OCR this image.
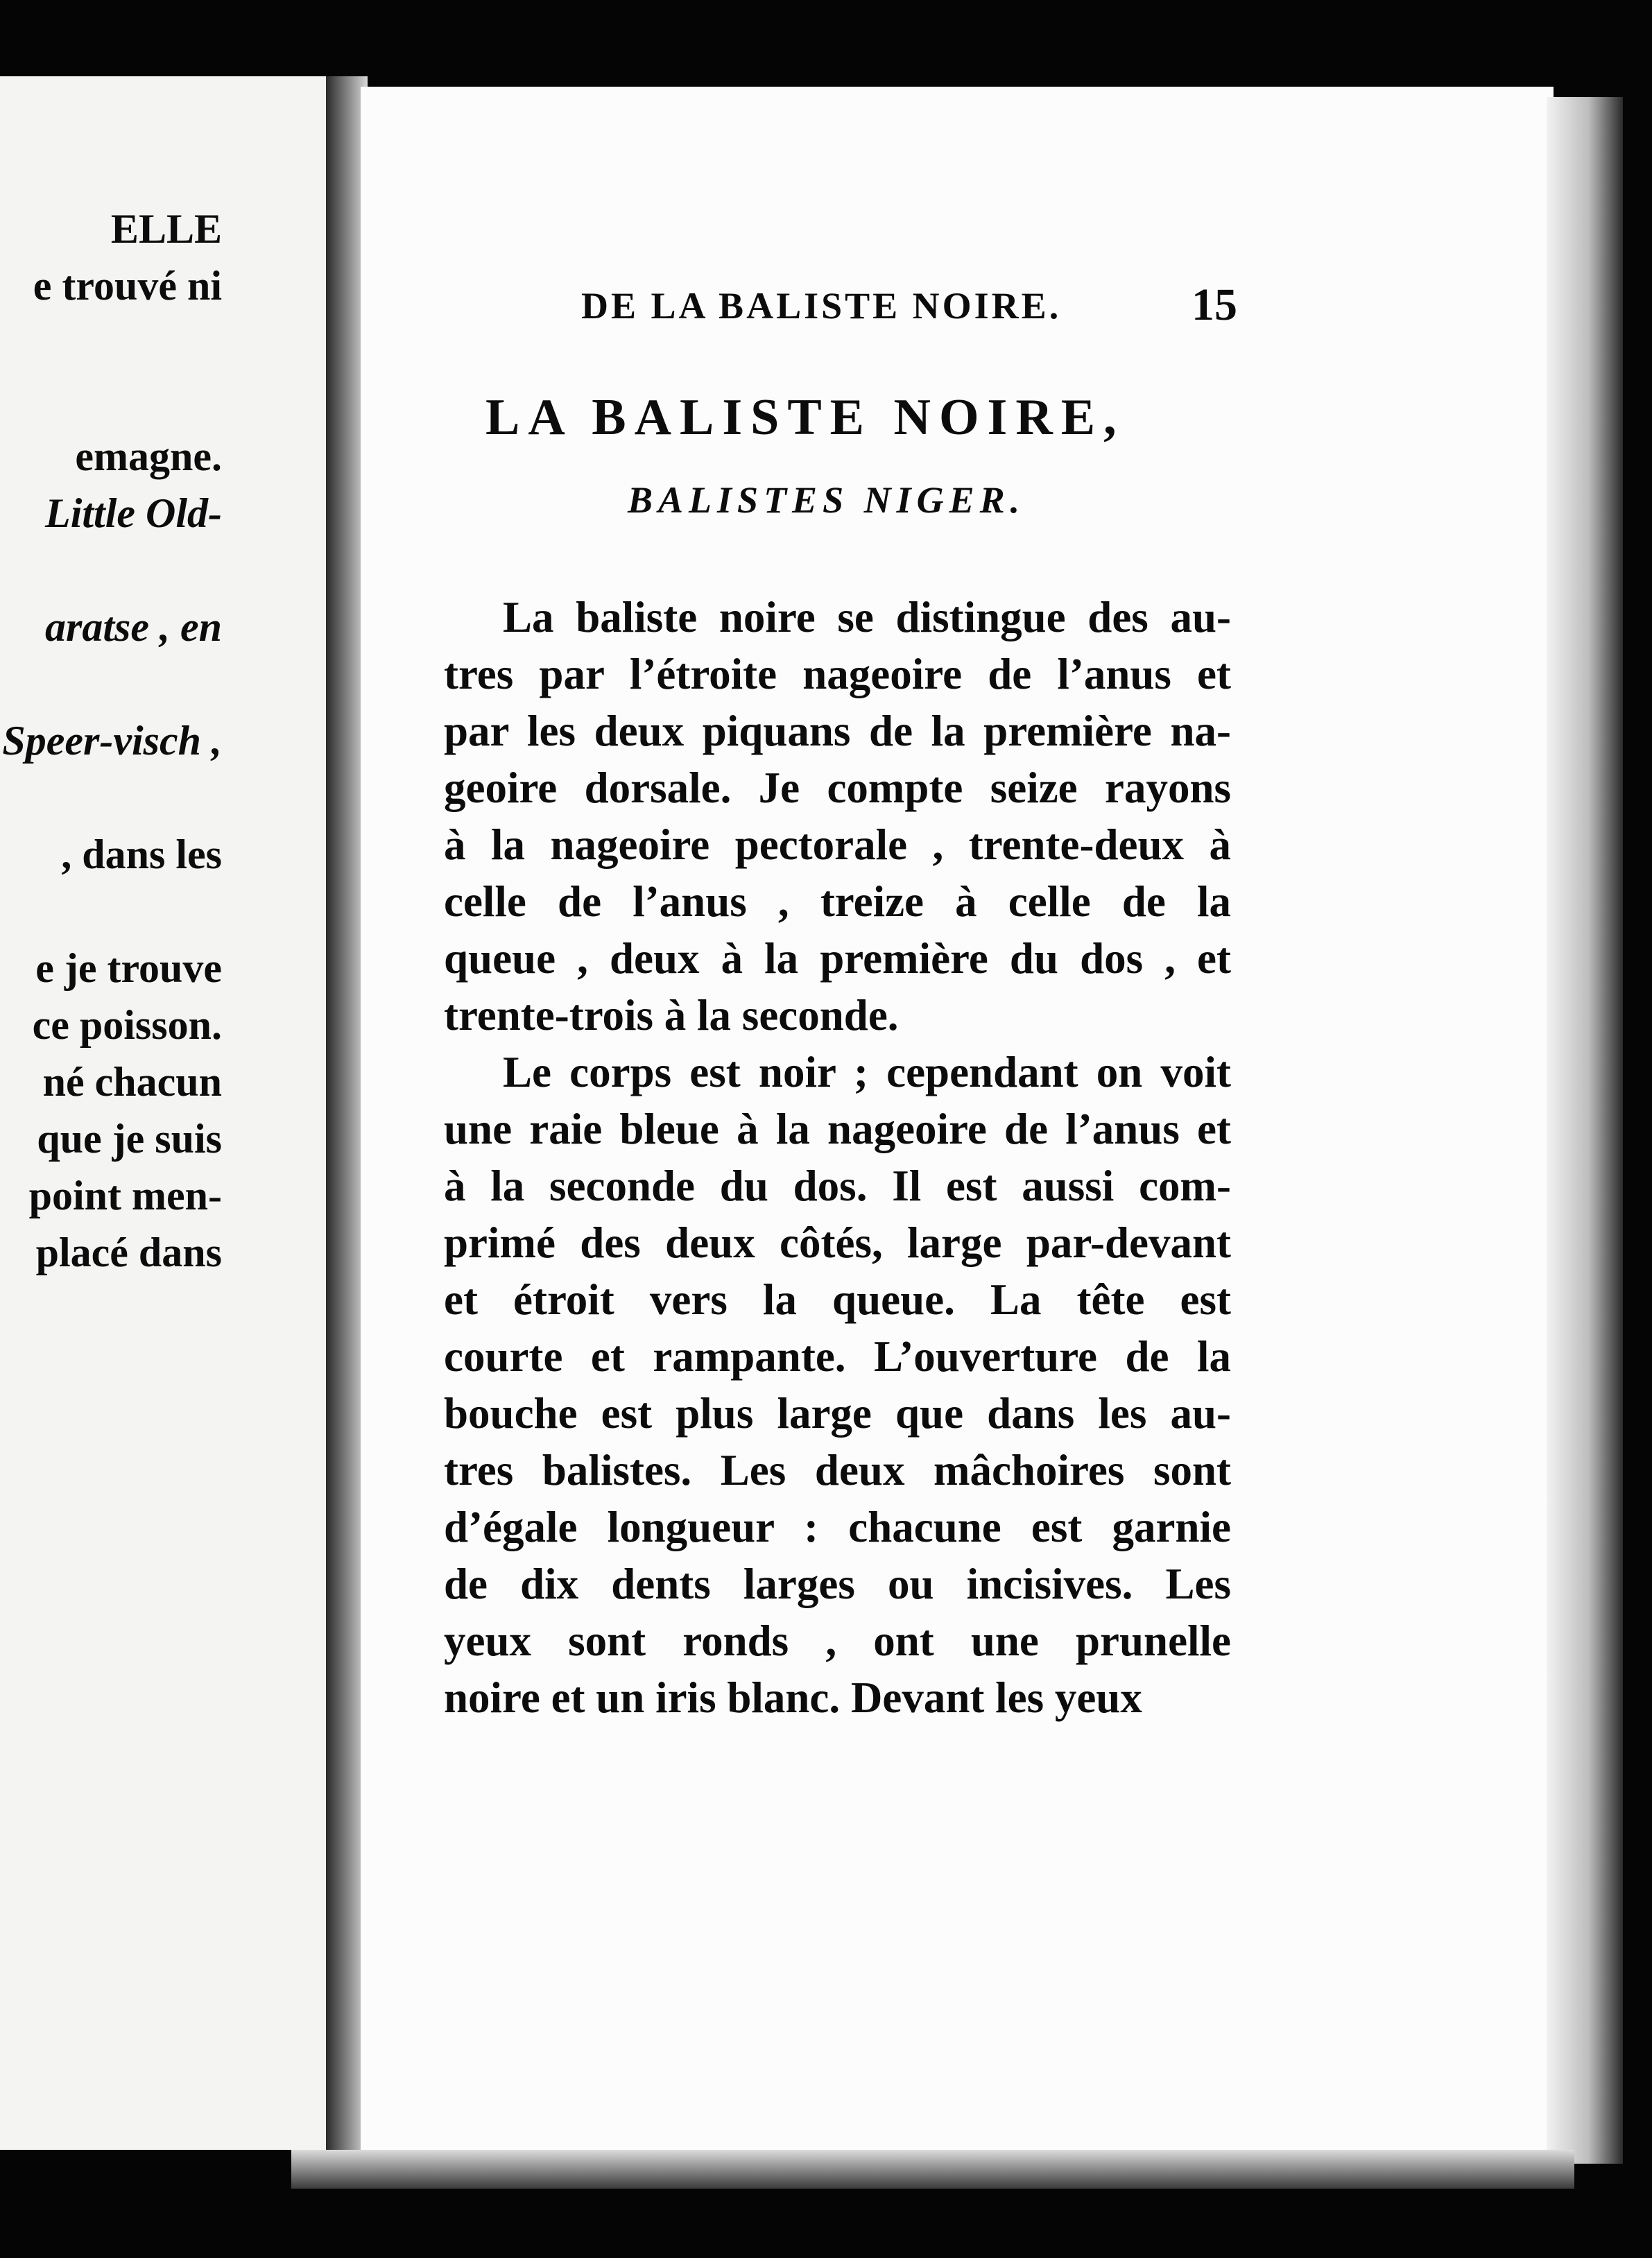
ELLE
e trouvé ni
emagne.
Little Old-
aratse , en
Speer-visch ,
, dans les
e je trouve
ce poisson.
né chacun
que je suis
point men-
placé dans
DE LA BALISTE NOIRE.	15
LA BALISTE NOIRE,
BALISTES NIGER.
La baliste noire se distingue des au-
tres par l’étroite nageoire de l’anus et
par les deux piquans de la première na-
geoire dorsale. Je compte seize rayons
à la nageoire pectorale , trente-deux à
celle de l’anus , treize à celle de la
queue , deux à la première du dos , et
trente-trois à la seconde.
Le corps est noir ; cependant on voit
une raie bleue à la nageoire de l’anus et
à la seconde du dos. Il est aussi com-
primé des deux côtés, large par-devant
et étroit vers la queue. La tête est
courte et rampante. L’ouverture de la
bouche est plus large que dans les au-
tres balistes. Les deux mâchoires sont
d’égale longueur : chacune est garnie
de dix dents larges ou incisives. Les
yeux sont ronds , ont une prunelle
noire et un iris blanc. Devant les yeux
